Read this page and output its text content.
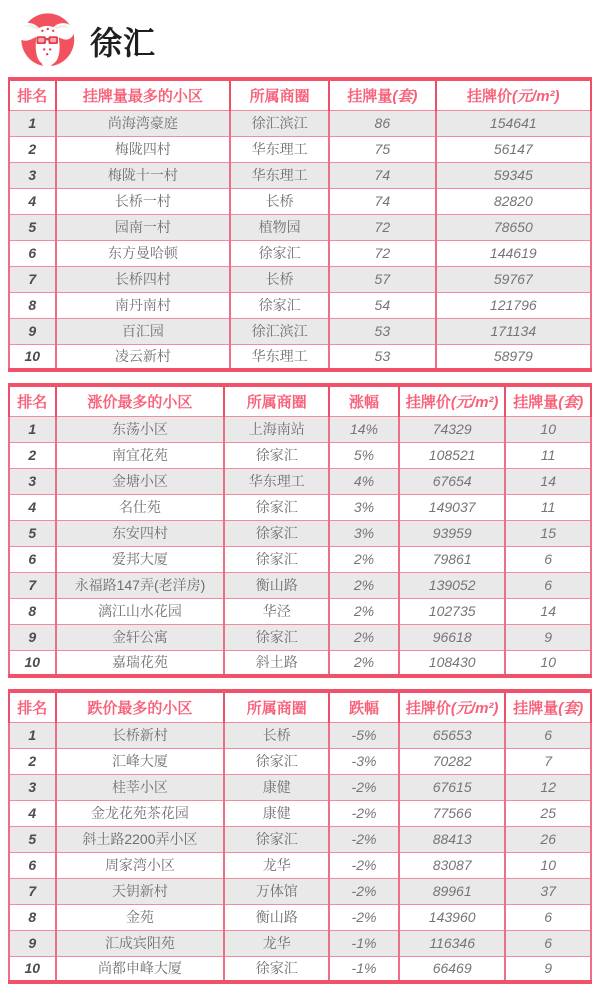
徐汇
排名	挂牌量最多的小区	所属商圈	挂牌量(套)	挂牌价(元/m²)
1	尚海湾豪庭	徐汇滨江	86	154641
2	梅陇四村	华东理工	75	56147
3	梅陇十一村	华东理工	74	59345
4	长桥一村	长桥	74	82820
5	园南一村	植物园	72	78650
6	东方曼哈顿	徐家汇	72	144619
7	长桥四村	长桥	57	59767
8	南丹南村	徐家汇	54	121796
9	百汇园	徐汇滨江	53	171134
10	凌云新村	华东理工	53	58979
排名	涨价最多的小区	所属商圈	涨幅	挂牌价(元/m²)	挂牌量(套)
1	东荡小区	上海南站	14%	74329	10
2	南宜花苑	徐家汇	5%	108521	11
3	金塘小区	华东理工	4%	67654	14
4	名仕苑	徐家汇	3%	149037	11
5	东安四村	徐家汇	3%	93959	15
6	爱邦大厦	徐家汇	2%	79861	6
7	永福路147弄(老洋房)	衡山路	2%	139052	6
8	漓江山水花园	华泾	2%	102735	14
9	金轩公寓	徐家汇	2%	96618	9
10	嘉瑞花苑	斜土路	2%	108430	10
排名	跌价最多的小区	所属商圈	跌幅	挂牌价(元/m²)	挂牌量(套)
1	长桥新村	长桥	-5%	65653	6
2	汇峰大厦	徐家汇	-3%	70282	7
3	桂莘小区	康健	-2%	67615	12
4	金龙花苑茶花园	康健	-2%	77566	25
5	斜土路2200弄小区	徐家汇	-2%	88413	26
6	周家湾小区	龙华	-2%	83087	10
7	天钥新村	万体馆	-2%	89961	37
8	金苑	衡山路	-2%	143960	6
9	汇成宾阳苑	龙华	-1%	116346	6
10	尚都申峰大厦	徐家汇	-1%	66469	9
